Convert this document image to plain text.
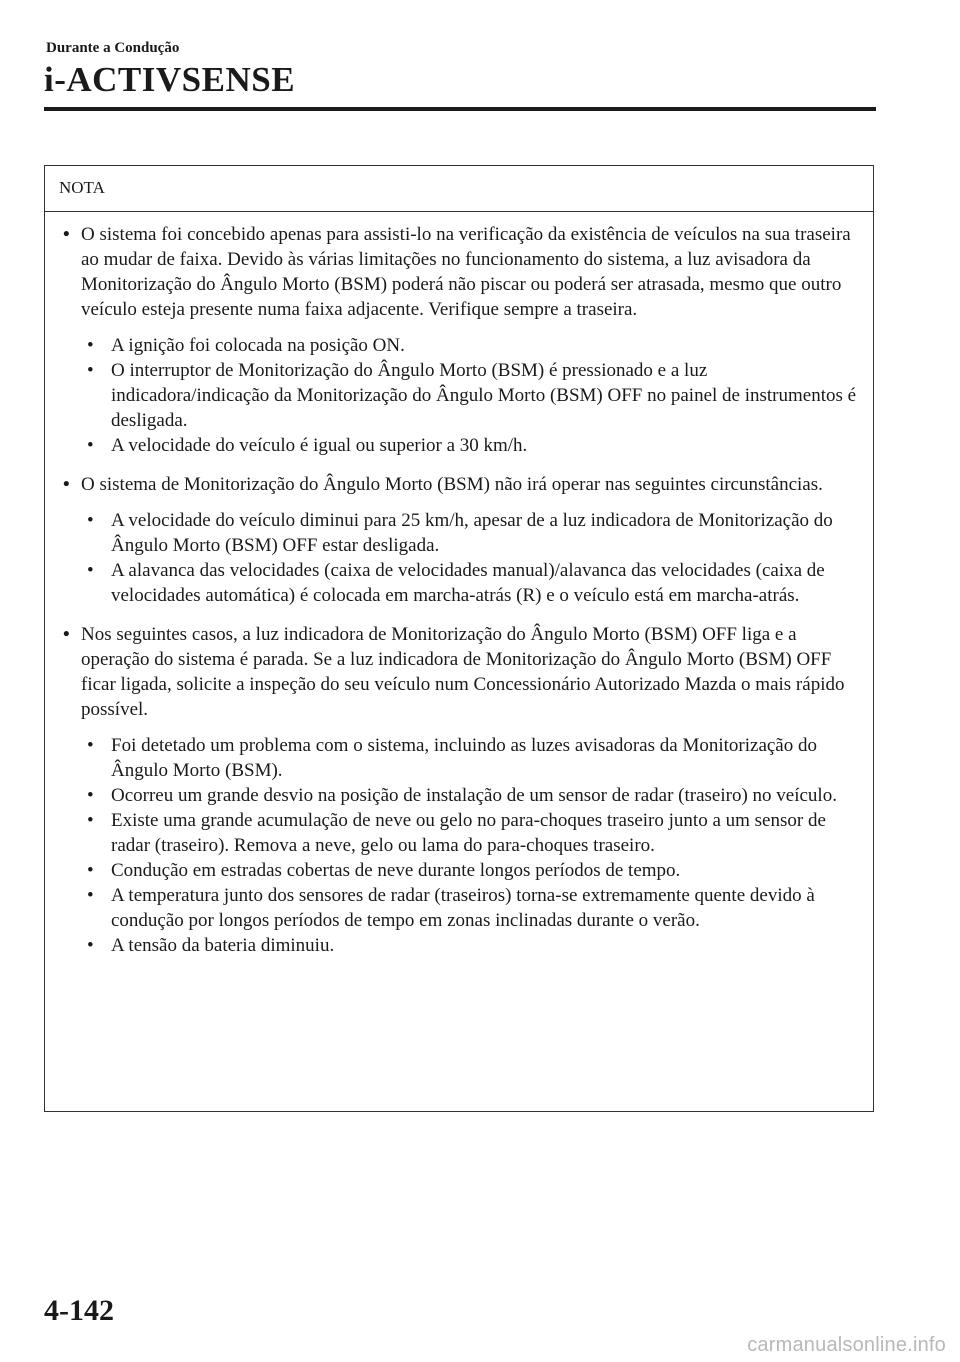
Durante a Condução

i-ACTIVSENSE
NOTA
• O sistema foi concebido apenas para assisti-lo na verificação da existência de veículos na sua traseira ao mudar de faixa. Devido às várias limitações no funcionamento do sistema, a luz avisadora da Monitorização do Ângulo Morto (BSM) poderá não piscar ou poderá ser atrasada, mesmo que outro veículo esteja presente numa faixa adjacente. Verifique sempre a traseira.
• A ignição foi colocada na posição ON.
• O interruptor de Monitorização do Ângulo Morto (BSM) é pressionado e a luz indicadora/indicação da Monitorização do Ângulo Morto (BSM) OFF no painel de instrumentos é desligada.
• A velocidade do veículo é igual ou superior a 30 km/h.
• O sistema de Monitorização do Ângulo Morto (BSM) não irá operar nas seguintes circunstâncias.
• A velocidade do veículo diminui para 25 km/h, apesar de a luz indicadora de Monitorização do Ângulo Morto (BSM) OFF estar desligada.
• A alavanca das velocidades (caixa de velocidades manual)/alavanca das velocidades (caixa de velocidades automática) é colocada em marcha-atrás (R) e o veículo está em marcha-atrás.
• Nos seguintes casos, a luz indicadora de Monitorização do Ângulo Morto (BSM) OFF liga e a operação do sistema é parada. Se a luz indicadora de Monitorização do Ângulo Morto (BSM) OFF ficar ligada, solicite a inspeção do seu veículo num Concessionário Autorizado Mazda o mais rápido possível.
• Foi detetado um problema com o sistema, incluindo as luzes avisadoras da Monitorização do Ângulo Morto (BSM).
• Ocorreu um grande desvio na posição de instalação de um sensor de radar (traseiro) no veículo.
• Existe uma grande acumulação de neve ou gelo no para-choques traseiro junto a um sensor de radar (traseiro). Remova a neve, gelo ou lama do para-choques traseiro.
• Condução em estradas cobertas de neve durante longos períodos de tempo.
• A temperatura junto dos sensores de radar (traseiros) torna-se extremamente quente devido à condução por longos períodos de tempo em zonas inclinadas durante o verão.
• A tensão da bateria diminuiu.

4-142

carmanualsonline.info
